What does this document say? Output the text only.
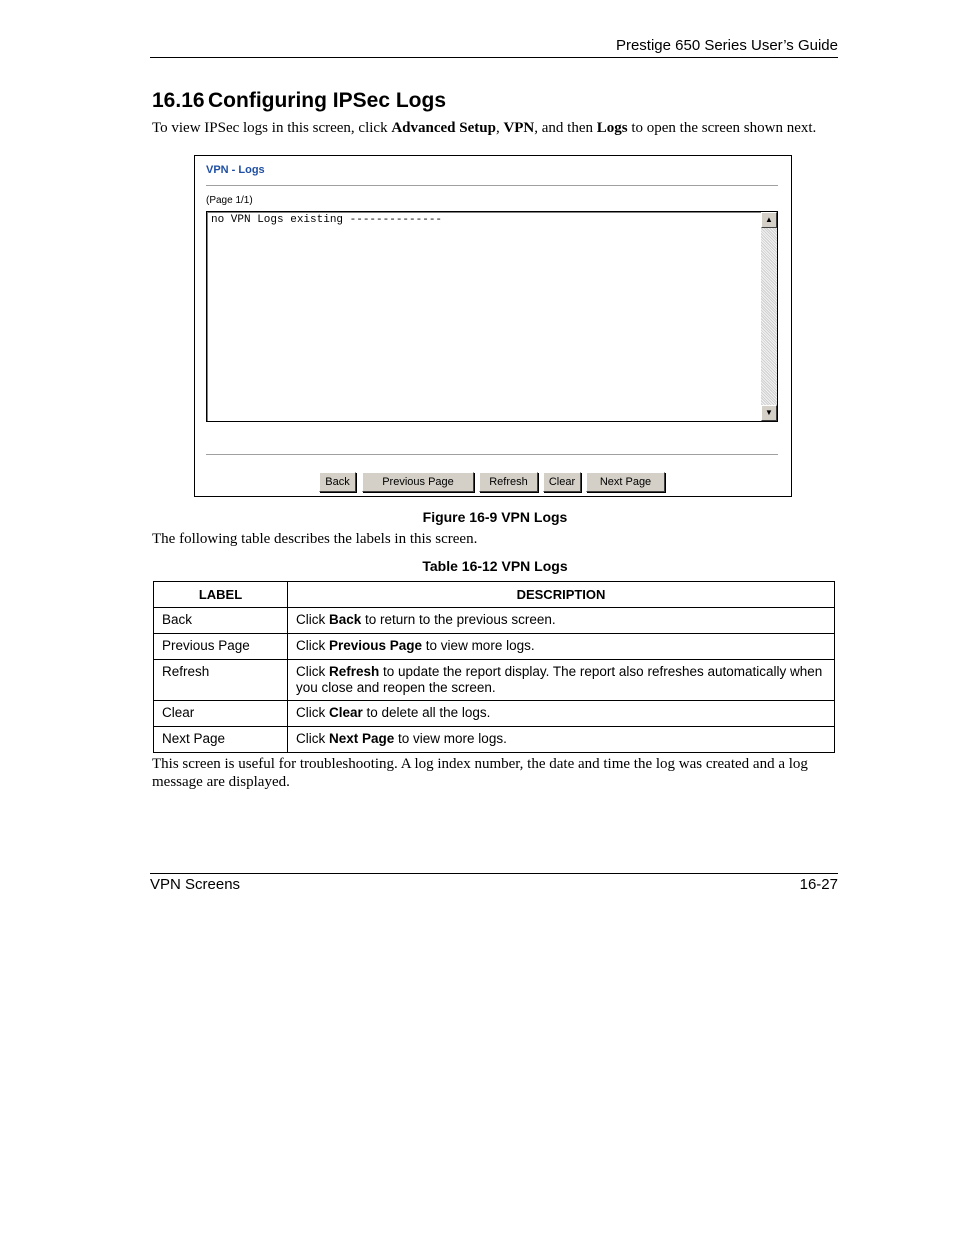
Prestige 650 Series User’s Guide
16.16 Configuring IPSec Logs

To view IPSec logs in this screen, click Advanced Setup, VPN, and then Logs to open the screen shown next.

VPN - Logs
(Page 1/1)
no VPN Logs existing --------------	▲
▼
Back	Previous Page	Refresh	Clear	Next Page
Figure 16-9 VPN Logs
The following table describes the labels in this screen.
Table 16-12 VPN Logs
LABEL	DESCRIPTION
Back	Click Back to return to the previous screen.
Previous Page	Click Previous Page to view more logs.
Refresh	Click Refresh to update the report display. The report also refreshes automatically when you close and reopen the screen.
Clear	Click Clear to delete all the logs.
Next Page	Click Next Page to view more logs.

This screen is useful for troubleshooting. A log index number, the date and time the log was created and a log message are displayed.

VPN Screens	16-27
